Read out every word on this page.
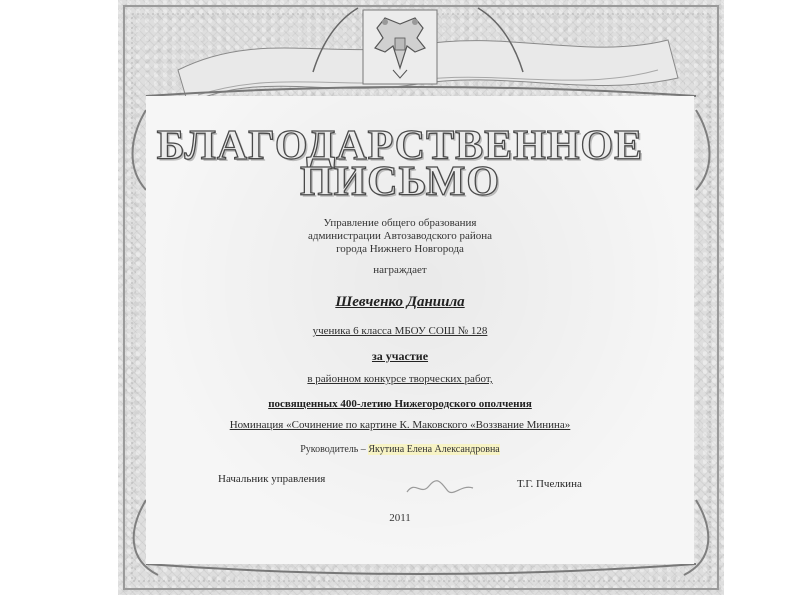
БЛАГОДАРСТВЕННОЕ
ПИСЬМО
Управление общего образования
администрации Автозаводского района
города Нижнего Новгорода
награждает
Шевченко Даниила
ученика 6 класса МБОУ СОШ № 128
за участие
в районном конкурсе творческих работ,
посвященных 400-летию Нижегородского ополчения
Номинация «Сочинение по картине К. Маковского «Воззвание Минина»
Руководитель – Якутина Елена Александровна
Начальник управления	Т.Г. Пчелкина
2011
